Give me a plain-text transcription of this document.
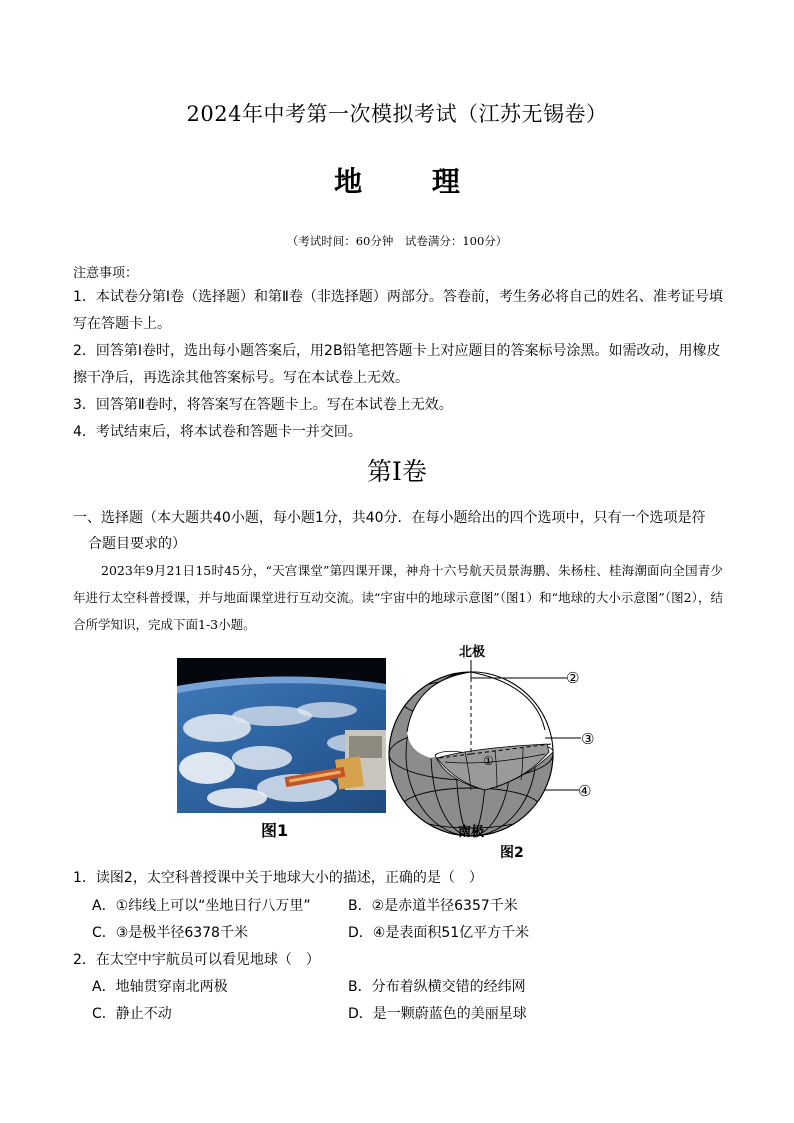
2024年中考第一次模拟考试（江苏无锡卷）
地 理
（考试时间：60分钟　试卷满分：100分）
注意事项：
1．本试卷分第Ⅰ卷（选择题）和第Ⅱ卷（非选择题）两部分。答卷前，考生务必将自己的姓名、准考证号填写在答题卡上。
2．回答第Ⅰ卷时，选出每小题答案后，用2B铅笔把答题卡上对应题目的答案标号涂黑。如需改动，用橡皮擦干净后，再选涂其他答案标号。写在本试卷上无效。
3．回答第Ⅱ卷时，将答案写在答题卡上。写在本试卷上无效。
4．考试结束后，将本试卷和答题卡一并交回。
第Ⅰ卷
一、选择题（本大题共40小题，每小题1分，共40分．在每小题给出的四个选项中，只有一个选项是符
合题目要求的）
2023年9月21日15时45分，“天宫课堂”第四课开课，神舟十六号航天员景海鹏、朱杨柱、桂海潮面向全国青少年进行太空科普授课，并与地面课堂进行互动交流。读“宇宙中的地球示意图”（图1）和“地球的大小示意图”（图2），结合所学知识，完成下面1-3小题。
图1
北极
南极
②
③
④
①
图2
1．读图2，太空科普授课中关于地球大小的描述，正确的是（　）
A．①纬线上可以“坐地日行八万里”	B．②是赤道半径6357千米
C．③是极半径6378千米	D．④是表面积51亿平方千米
2．在太空中宇航员可以看见地球（　）
A．地轴贯穿南北两极	B．分布着纵横交错的经纬网
C．静止不动	D．是一颗蔚蓝色的美丽星球
